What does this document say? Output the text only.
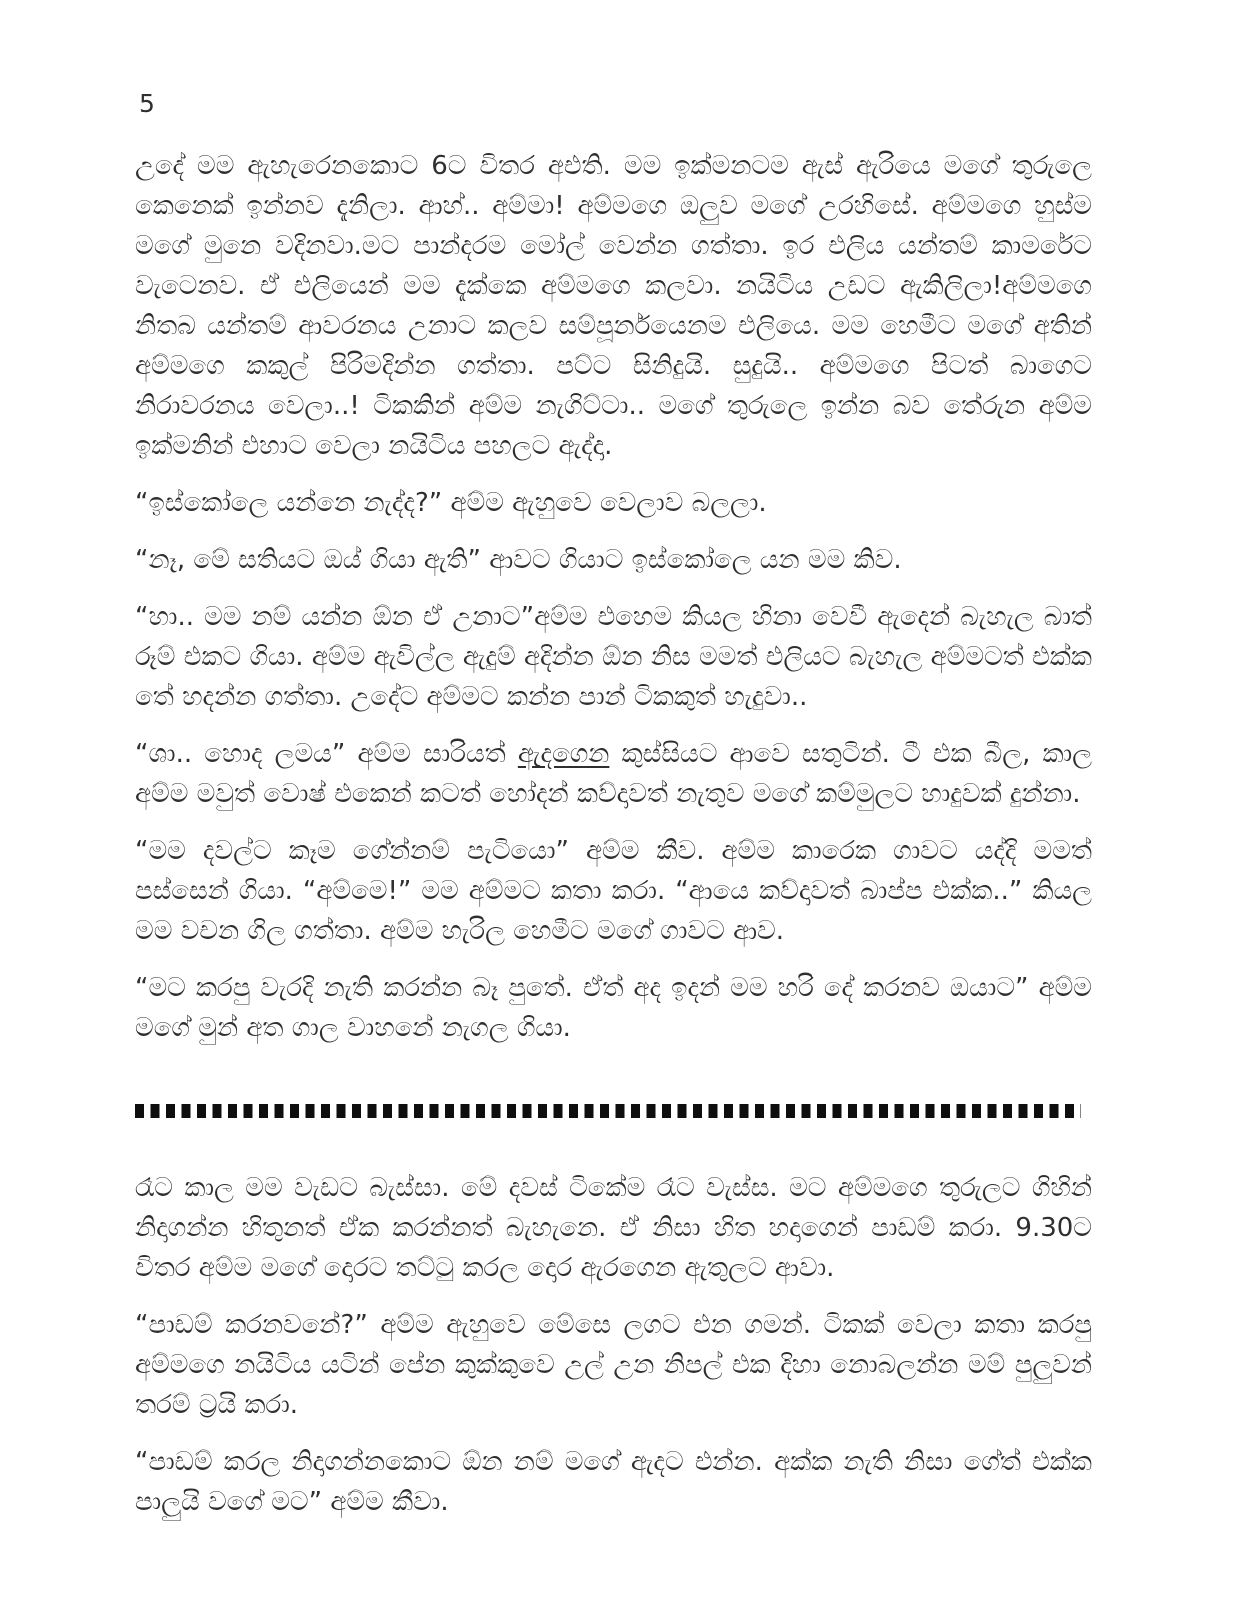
5

උදේ මම ඇහැරෙනකොට 6ට විතර අඑති. මම ඉක්මනටම ඇස් ඇරියෙ මගේ තුරුලෙ කෙනෙක් ඉන්නව දැනිලා. ආහ්.. අම්මා! අම්මගෙ ඔලුව මගේ උරහිසේ. අම්මගෙ හුස්ම මගේ මුනෙ වදිනවා.මට පාන්දරම මෝල් වෙන්න ගත්තා. ඉර එලිය යන්තම් කාමරේට වැටෙනව. ඒ එලියෙන් මම දැක්කෙ අම්මගෙ කලවා. නයිටිය උඩට ඇකිලිලා!අම්මගෙ නිතබ යන්තම් ආවරනය උනාට කලව සම්පූර්නයෙනම එලියෙ. මම හෙමීට මගේ අතින් අම්මගෙ කකුල් පිරිමදින්න ගත්තා. පට්ට සිනිදුයි. සුදුයි.. අම්මගෙ පිටත් බාගෙට නිරාවරනය වෙලා..! ටිකකින් අම්ම නැගිට්ටා.. මගේ තුරුලෙ ඉන්න බව තේරුන අම්ම ඉක්මනින් එහාට වෙලා නයිටිය පහලට ඇද්දා.

“ඉස්කෝලෙ යන්නෙ නැද්ද?” අම්ම ඇහුවෙ වෙලාව බලලා.

“නෑ, මේ සතියට ඔය් ගියා ඇති” ආවට ගියාට ඉස්කෝලෙ යන මම කිව.

“හා.. මම නම් යන්න ඕන ඒ උනාට”අම්ම එහෙම කියල හිනා වෙවී ඇදෙන් බැහැල බාත් රූම් එකට ගියා. අම්ම ඇවිල්ල ඇදුම් අදින්න ඕන නිස මමත් එලියට බැහැල අම්මටත් එක්ක තේ හදන්න ගත්තා. උදේට අම්මට කන්න පාන් ටිකකුත් හැදුවා..

“ශා.. හොද ලමය” අම්ම සාරියත් ඇදගෙන කුස්සියට ආවෙ සතුටින්. ටී එක බීල, කාල අම්ම මවුත් වොෂ් එකෙන් කටත් හෝදන් කව්දාවත් නැතුව මගේ කම්මුලට හාදුවක් දුන්නා.

“මම දවල්ට කෑම ගේන්නම් පැටියො” අම්ම කීව. අම්ම කාරෙක ගාවට යද්දි මමත් පස්සෙන් ගියා. “අම්මෙ!” මම අම්මට කතා කරා. “ආයෙ කව්දාවත් බාප්ප එක්ක..” කියල මම වචන ගිල ගත්තා. අම්ම හැරිල හෙමීට මගේ ගාවට ආව.

“මට කරපු වැරදි නැති කරන්න බෑ පුතේ. ඒත් අද ඉදන් මම හරි දේ කරනව ඔයාට” අම්ම මගේ මුන් අත ගාල වාහනේ නැගල ගියා.

රෑට කාල මම වැඩට බැස්සා. මේ දවස් ටිකේම රෑට වැස්ස. මට අම්මගෙ තුරුලට ගිහින් නිදාගන්න හිතුනත් ඒක කරන්නත් බැහැනෙ. ඒ නිසා හිත හදාගෙන් පාඩම් කරා. 9.30ට විතර අම්ම මගේ දොරට තට්ටු කරල දොර ඇරගෙන ඇතුලට ආවා.

“පාඩම් කරනවනේ?” අම්ම ඇහුවෙ මේසෙ ලගට එන ගමන්. ටිකක් වෙලා කතා කරපු අම්මගෙ නයිටිය යටින් පේන කුක්කුවෙ උල් උන නිපල් එක දිහා නොබලන්න මම් පුලුවන් තරම් ට්‍රයි කරා.

“පාඩම් කරල නිදාගන්නකොට ඕන නම් මගේ ඇදට එන්න. අක්ක නැති නිසා ගේත් එක්ක පාලුයි වගේ මට” අම්ම කීවා.
